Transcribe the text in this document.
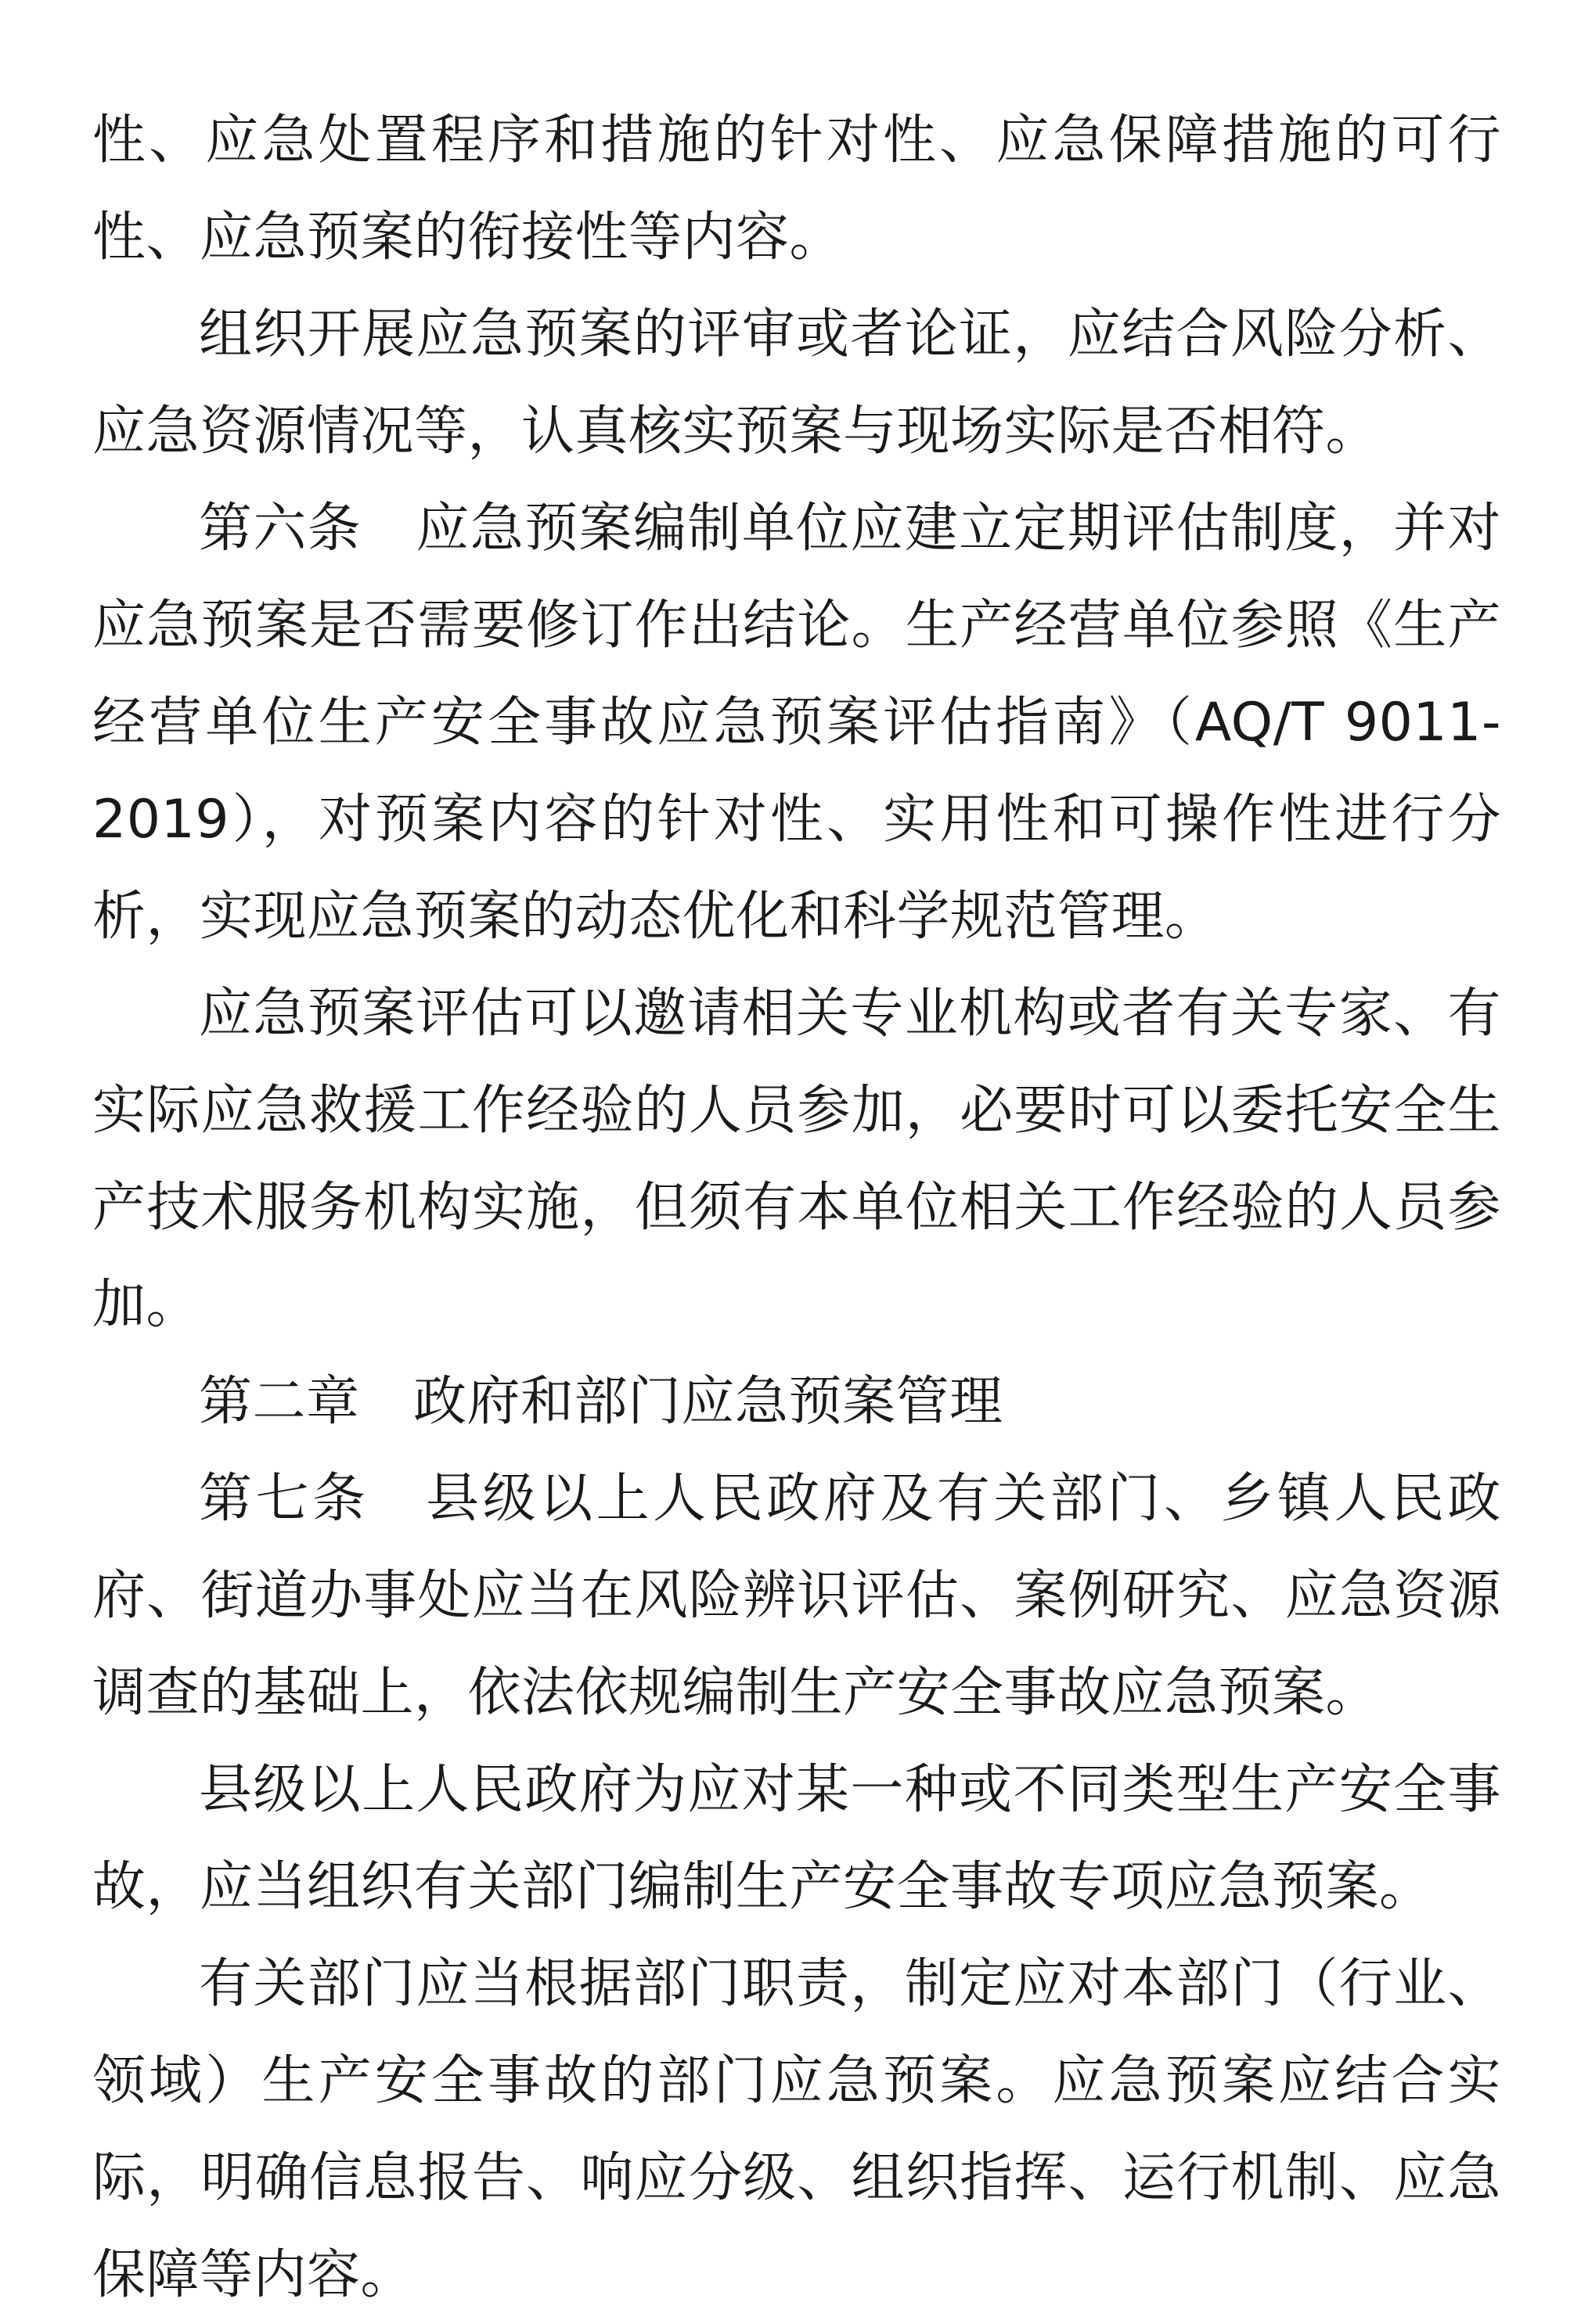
性、应急处置程序和措施的针对性、应急保障措施的可行性、应急预案的衔接性等内容。

组织开展应急预案的评审或者论证，应结合风险分析、应急资源情况等，认真核实预案与现场实际是否相符。

第六条　应急预案编制单位应建立定期评估制度，并对应急预案是否需要修订作出结论。生产经营单位参照《生产经营单位生产安全事故应急预案评估指南》（AQ/T 9011-2019），对预案内容的针对性、实用性和可操作性进行分析，实现应急预案的动态优化和科学规范管理。

应急预案评估可以邀请相关专业机构或者有关专家、有实际应急救援工作经验的人员参加，必要时可以委托安全生产技术服务机构实施，但须有本单位相关工作经验的人员参加。

第二章　政府和部门应急预案管理

第七条　县级以上人民政府及有关部门、乡镇人民政府、街道办事处应当在风险辨识评估、案例研究、应急资源调查的基础上，依法依规编制生产安全事故应急预案。

县级以上人民政府为应对某一种或不同类型生产安全事故，应当组织有关部门编制生产安全事故专项应急预案。

有关部门应当根据部门职责，制定应对本部门（行业、领域）生产安全事故的部门应急预案。应急预案应结合实际，明确信息报告、响应分级、组织指挥、运行机制、应急保障等内容。
